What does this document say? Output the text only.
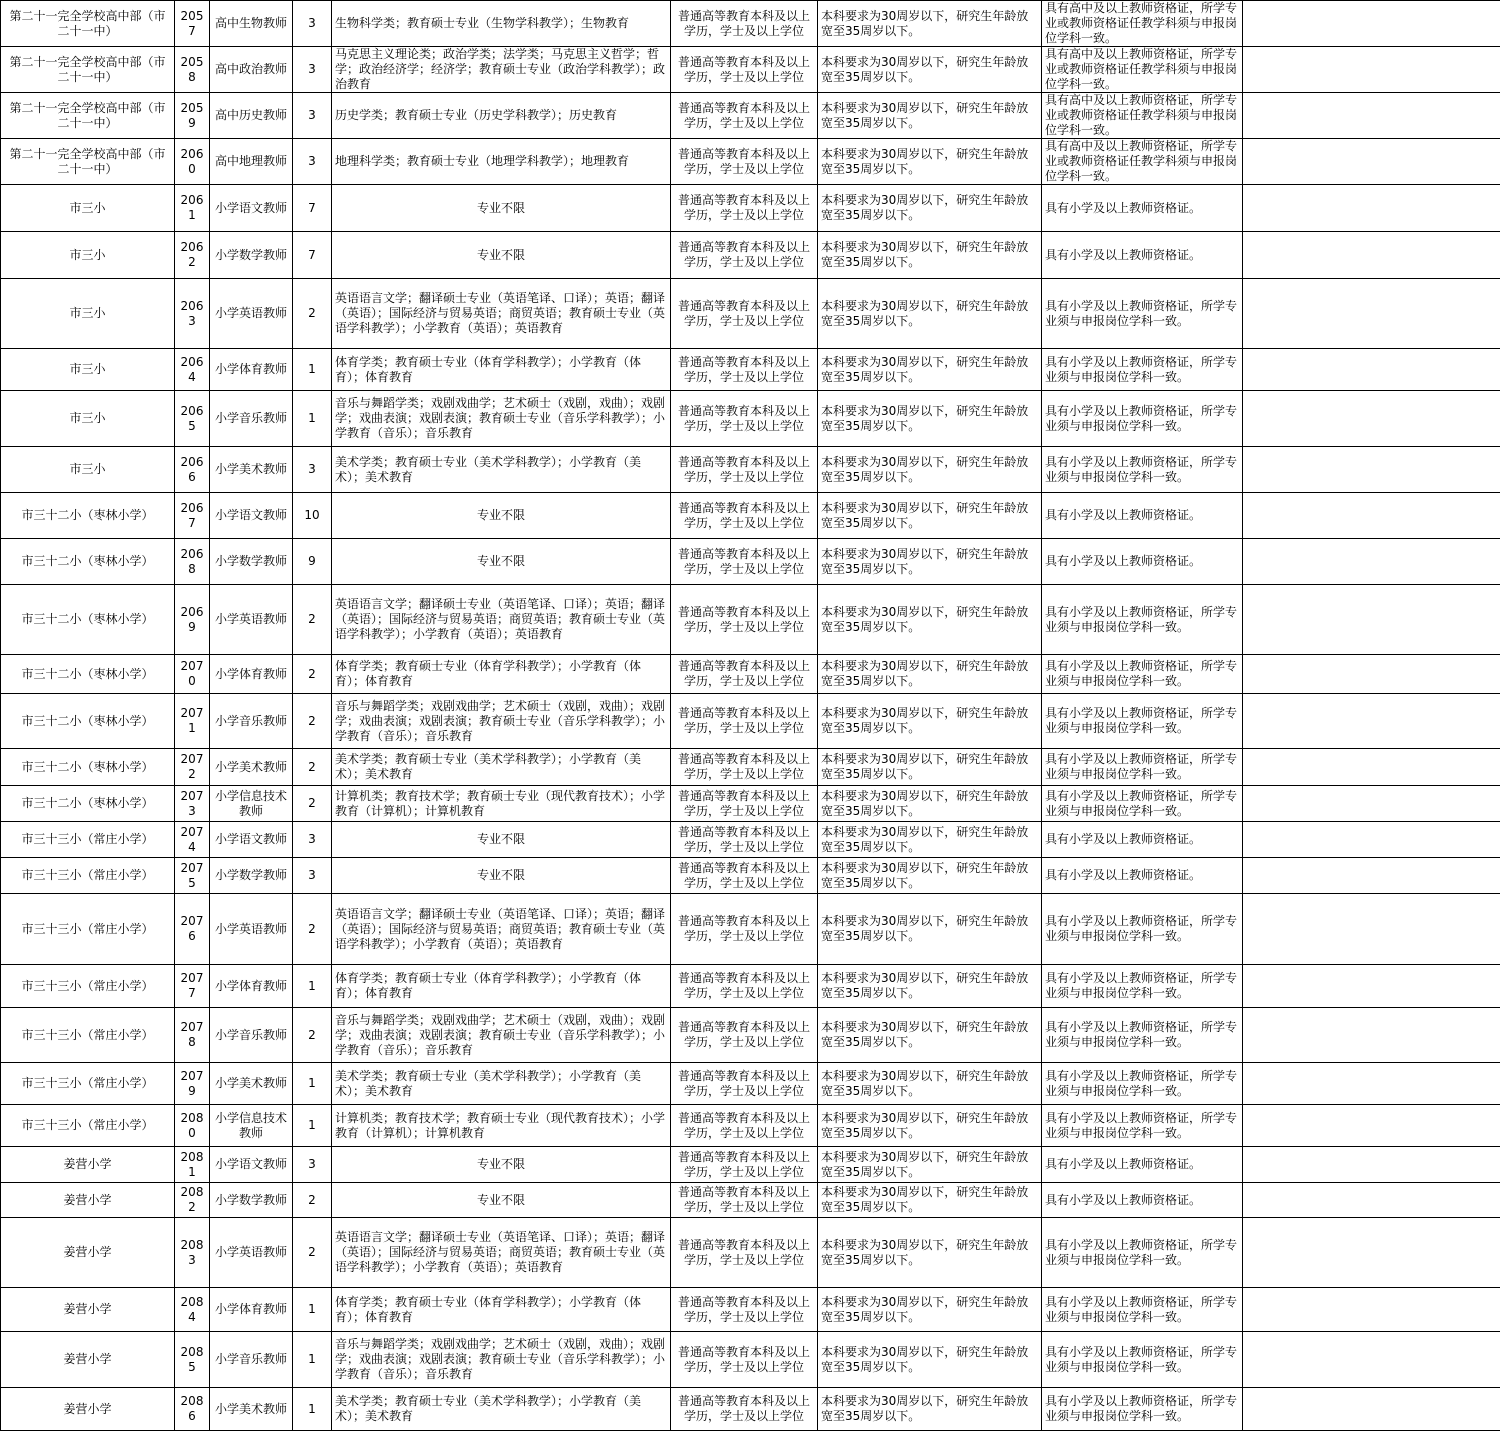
第二十一完全学校高中部（市二十一中）	2057	高中生物教师	3	生物科学类；教育硕士专业（生物学科教学）；生物教育	普通高等教育本科及以上学历，学士及以上学位	本科要求为30周岁以下，研究生年龄放宽至35周岁以下。	具有高中及以上教师资格证，所学专业或教师资格证任教学科须与申报岗位学科一致。	
第二十一完全学校高中部（市二十一中）	2058	高中政治教师	3	马克思主义理论类；政治学类；法学类；马克思主义哲学；哲学；政治经济学；经济学；教育硕士专业（政治学科教学）；政治教育	普通高等教育本科及以上学历，学士及以上学位	本科要求为30周岁以下，研究生年龄放宽至35周岁以下。	具有高中及以上教师资格证，所学专业或教师资格证任教学科须与申报岗位学科一致。	
第二十一完全学校高中部（市二十一中）	2059	高中历史教师	3	历史学类；教育硕士专业（历史学科教学）；历史教育	普通高等教育本科及以上学历，学士及以上学位	本科要求为30周岁以下，研究生年龄放宽至35周岁以下。	具有高中及以上教师资格证，所学专业或教师资格证任教学科须与申报岗位学科一致。	
第二十一完全学校高中部（市二十一中）	2060	高中地理教师	3	地理科学类；教育硕士专业（地理学科教学）；地理教育	普通高等教育本科及以上学历，学士及以上学位	本科要求为30周岁以下，研究生年龄放宽至35周岁以下。	具有高中及以上教师资格证，所学专业或教师资格证任教学科须与申报岗位学科一致。	
市三小	2061	小学语文教师	7	专业不限	普通高等教育本科及以上学历，学士及以上学位	本科要求为30周岁以下，研究生年龄放宽至35周岁以下。	具有小学及以上教师资格证。	
市三小	2062	小学数学教师	7	专业不限	普通高等教育本科及以上学历，学士及以上学位	本科要求为30周岁以下，研究生年龄放宽至35周岁以下。	具有小学及以上教师资格证。	
市三小	2063	小学英语教师	2	英语语言文学；翻译硕士专业（英语笔译、口译）；英语；翻译（英语）；国际经济与贸易英语；商贸英语；教育硕士专业（英语学科教学）；小学教育（英语）；英语教育	普通高等教育本科及以上学历，学士及以上学位	本科要求为30周岁以下，研究生年龄放宽至35周岁以下。	具有小学及以上教师资格证，所学专业须与申报岗位学科一致。	
市三小	2064	小学体育教师	1	体育学类；教育硕士专业（体育学科教学）；小学教育（体育）；体育教育	普通高等教育本科及以上学历，学士及以上学位	本科要求为30周岁以下，研究生年龄放宽至35周岁以下。	具有小学及以上教师资格证，所学专业须与申报岗位学科一致。	
市三小	2065	小学音乐教师	1	音乐与舞蹈学类；戏剧戏曲学；艺术硕士（戏剧，戏曲）；戏剧学；戏曲表演；戏剧表演；教育硕士专业（音乐学科教学）；小学教育（音乐）；音乐教育	普通高等教育本科及以上学历，学士及以上学位	本科要求为30周岁以下，研究生年龄放宽至35周岁以下。	具有小学及以上教师资格证，所学专业须与申报岗位学科一致。	
市三小	2066	小学美术教师	3	美术学类；教育硕士专业（美术学科教学）；小学教育（美术）；美术教育	普通高等教育本科及以上学历，学士及以上学位	本科要求为30周岁以下，研究生年龄放宽至35周岁以下。	具有小学及以上教师资格证，所学专业须与申报岗位学科一致。	
市三十二小（枣林小学）	2067	小学语文教师	10	专业不限	普通高等教育本科及以上学历，学士及以上学位	本科要求为30周岁以下，研究生年龄放宽至35周岁以下。	具有小学及以上教师资格证。	
市三十二小（枣林小学）	2068	小学数学教师	9	专业不限	普通高等教育本科及以上学历，学士及以上学位	本科要求为30周岁以下，研究生年龄放宽至35周岁以下。	具有小学及以上教师资格证。	
市三十二小（枣林小学）	2069	小学英语教师	2	英语语言文学；翻译硕士专业（英语笔译、口译）；英语；翻译（英语）；国际经济与贸易英语；商贸英语；教育硕士专业（英语学科教学）；小学教育（英语）；英语教育	普通高等教育本科及以上学历，学士及以上学位	本科要求为30周岁以下，研究生年龄放宽至35周岁以下。	具有小学及以上教师资格证，所学专业须与申报岗位学科一致。	
市三十二小（枣林小学）	2070	小学体育教师	2	体育学类；教育硕士专业（体育学科教学）；小学教育（体育）；体育教育	普通高等教育本科及以上学历，学士及以上学位	本科要求为30周岁以下，研究生年龄放宽至35周岁以下。	具有小学及以上教师资格证，所学专业须与申报岗位学科一致。	
市三十二小（枣林小学）	2071	小学音乐教师	2	音乐与舞蹈学类；戏剧戏曲学；艺术硕士（戏剧，戏曲）；戏剧学；戏曲表演；戏剧表演；教育硕士专业（音乐学科教学）；小学教育（音乐）；音乐教育	普通高等教育本科及以上学历，学士及以上学位	本科要求为30周岁以下，研究生年龄放宽至35周岁以下。	具有小学及以上教师资格证，所学专业须与申报岗位学科一致。	
市三十二小（枣林小学）	2072	小学美术教师	2	美术学类；教育硕士专业（美术学科教学）；小学教育（美术）；美术教育	普通高等教育本科及以上学历，学士及以上学位	本科要求为30周岁以下，研究生年龄放宽至35周岁以下。	具有小学及以上教师资格证，所学专业须与申报岗位学科一致。	
市三十二小（枣林小学）	2073	小学信息技术教师	2	计算机类；教育技术学；教育硕士专业（现代教育技术）；小学教育（计算机）；计算机教育	普通高等教育本科及以上学历，学士及以上学位	本科要求为30周岁以下，研究生年龄放宽至35周岁以下。	具有小学及以上教师资格证，所学专业须与申报岗位学科一致。	
市三十三小（常庄小学）	2074	小学语文教师	3	专业不限	普通高等教育本科及以上学历，学士及以上学位	本科要求为30周岁以下，研究生年龄放宽至35周岁以下。	具有小学及以上教师资格证。	
市三十三小（常庄小学）	2075	小学数学教师	3	专业不限	普通高等教育本科及以上学历，学士及以上学位	本科要求为30周岁以下，研究生年龄放宽至35周岁以下。	具有小学及以上教师资格证。	
市三十三小（常庄小学）	2076	小学英语教师	2	英语语言文学；翻译硕士专业（英语笔译、口译）；英语；翻译（英语）；国际经济与贸易英语；商贸英语；教育硕士专业（英语学科教学）；小学教育（英语）；英语教育	普通高等教育本科及以上学历，学士及以上学位	本科要求为30周岁以下，研究生年龄放宽至35周岁以下。	具有小学及以上教师资格证，所学专业须与申报岗位学科一致。	
市三十三小（常庄小学）	2077	小学体育教师	1	体育学类；教育硕士专业（体育学科教学）；小学教育（体育）；体育教育	普通高等教育本科及以上学历，学士及以上学位	本科要求为30周岁以下，研究生年龄放宽至35周岁以下。	具有小学及以上教师资格证，所学专业须与申报岗位学科一致。	
市三十三小（常庄小学）	2078	小学音乐教师	2	音乐与舞蹈学类；戏剧戏曲学；艺术硕士（戏剧，戏曲）；戏剧学；戏曲表演；戏剧表演；教育硕士专业（音乐学科教学）；小学教育（音乐）；音乐教育	普通高等教育本科及以上学历，学士及以上学位	本科要求为30周岁以下，研究生年龄放宽至35周岁以下。	具有小学及以上教师资格证，所学专业须与申报岗位学科一致。	
市三十三小（常庄小学）	2079	小学美术教师	1	美术学类；教育硕士专业（美术学科教学）；小学教育（美术）；美术教育	普通高等教育本科及以上学历，学士及以上学位	本科要求为30周岁以下，研究生年龄放宽至35周岁以下。	具有小学及以上教师资格证，所学专业须与申报岗位学科一致。	
市三十三小（常庄小学）	2080	小学信息技术教师	1	计算机类；教育技术学；教育硕士专业（现代教育技术）；小学教育（计算机）；计算机教育	普通高等教育本科及以上学历，学士及以上学位	本科要求为30周岁以下，研究生年龄放宽至35周岁以下。	具有小学及以上教师资格证，所学专业须与申报岗位学科一致。	
姜营小学	2081	小学语文教师	3	专业不限	普通高等教育本科及以上学历，学士及以上学位	本科要求为30周岁以下，研究生年龄放宽至35周岁以下。	具有小学及以上教师资格证。	
姜营小学	2082	小学数学教师	2	专业不限	普通高等教育本科及以上学历，学士及以上学位	本科要求为30周岁以下，研究生年龄放宽至35周岁以下。	具有小学及以上教师资格证。	
姜营小学	2083	小学英语教师	2	英语语言文学；翻译硕士专业（英语笔译、口译）；英语；翻译（英语）；国际经济与贸易英语；商贸英语；教育硕士专业（英语学科教学）；小学教育（英语）；英语教育	普通高等教育本科及以上学历，学士及以上学位	本科要求为30周岁以下，研究生年龄放宽至35周岁以下。	具有小学及以上教师资格证，所学专业须与申报岗位学科一致。	
姜营小学	2084	小学体育教师	1	体育学类；教育硕士专业（体育学科教学）；小学教育（体育）；体育教育	普通高等教育本科及以上学历，学士及以上学位	本科要求为30周岁以下，研究生年龄放宽至35周岁以下。	具有小学及以上教师资格证，所学专业须与申报岗位学科一致。	
姜营小学	2085	小学音乐教师	1	音乐与舞蹈学类；戏剧戏曲学；艺术硕士（戏剧，戏曲）；戏剧学；戏曲表演；戏剧表演；教育硕士专业（音乐学科教学）；小学教育（音乐）；音乐教育	普通高等教育本科及以上学历，学士及以上学位	本科要求为30周岁以下，研究生年龄放宽至35周岁以下。	具有小学及以上教师资格证，所学专业须与申报岗位学科一致。	
姜营小学	2086	小学美术教师	1	美术学类；教育硕士专业（美术学科教学）；小学教育（美术）；美术教育	普通高等教育本科及以上学历，学士及以上学位	本科要求为30周岁以下，研究生年龄放宽至35周岁以下。	具有小学及以上教师资格证，所学专业须与申报岗位学科一致。	
